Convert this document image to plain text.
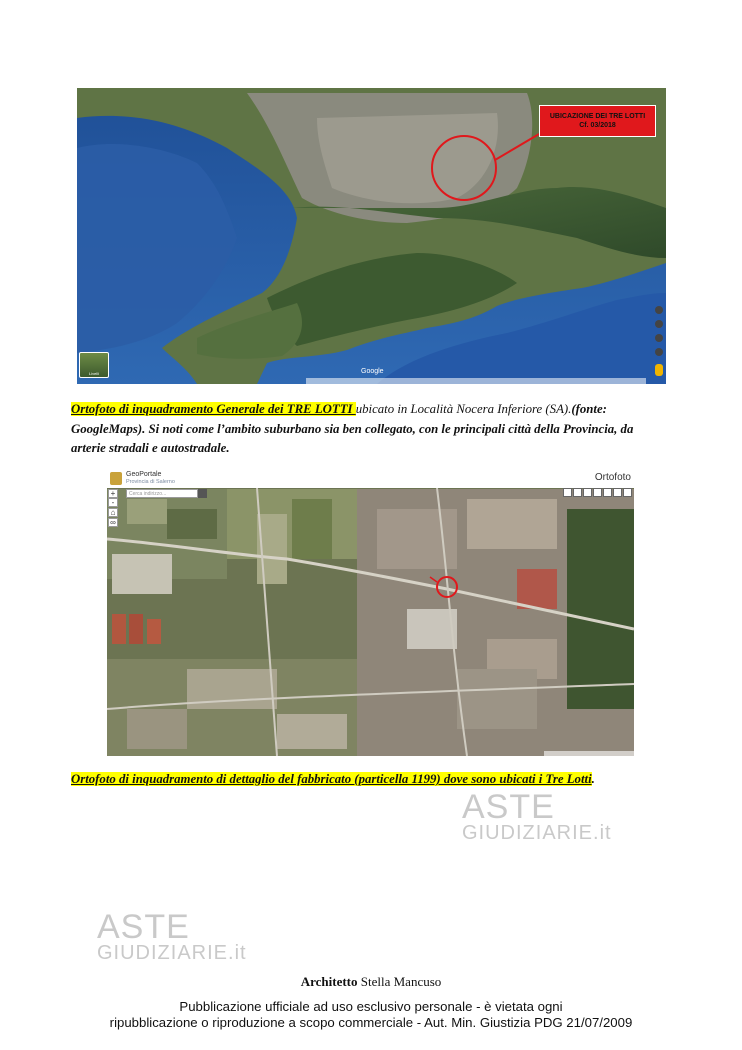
UBICAZIONE DEI TRE LOTTI
Cf. 03/2018
Livelli	Google
Ortofoto di inquadramento Generale dei TRE LOTTI ubicato in Località Nocera Inferiore (SA).(fonte: GoogleMaps). Si noti come l’ambito suburbano sia ben collegato, con le principali città della Provincia, da arterie stradali e autostradale.
GeoPortale
Provincia di Salerno	Ortofoto
Cerca indirizzo...
+
-
⌂
∞
Ortofoto di inquadramento di dettaglio del fabbricato (particella 1199) dove sono ubicati i Tre Lotti.
ASTE
GIUDIZIARIE.it
ASTE
GIUDIZIARIE.it
Architetto Stella Mancuso
Pubblicazione ufficiale ad uso esclusivo personale - è vietata ogni
ripubblicazione o riproduzione a scopo commerciale - Aut. Min. Giustizia PDG 21/07/2009
